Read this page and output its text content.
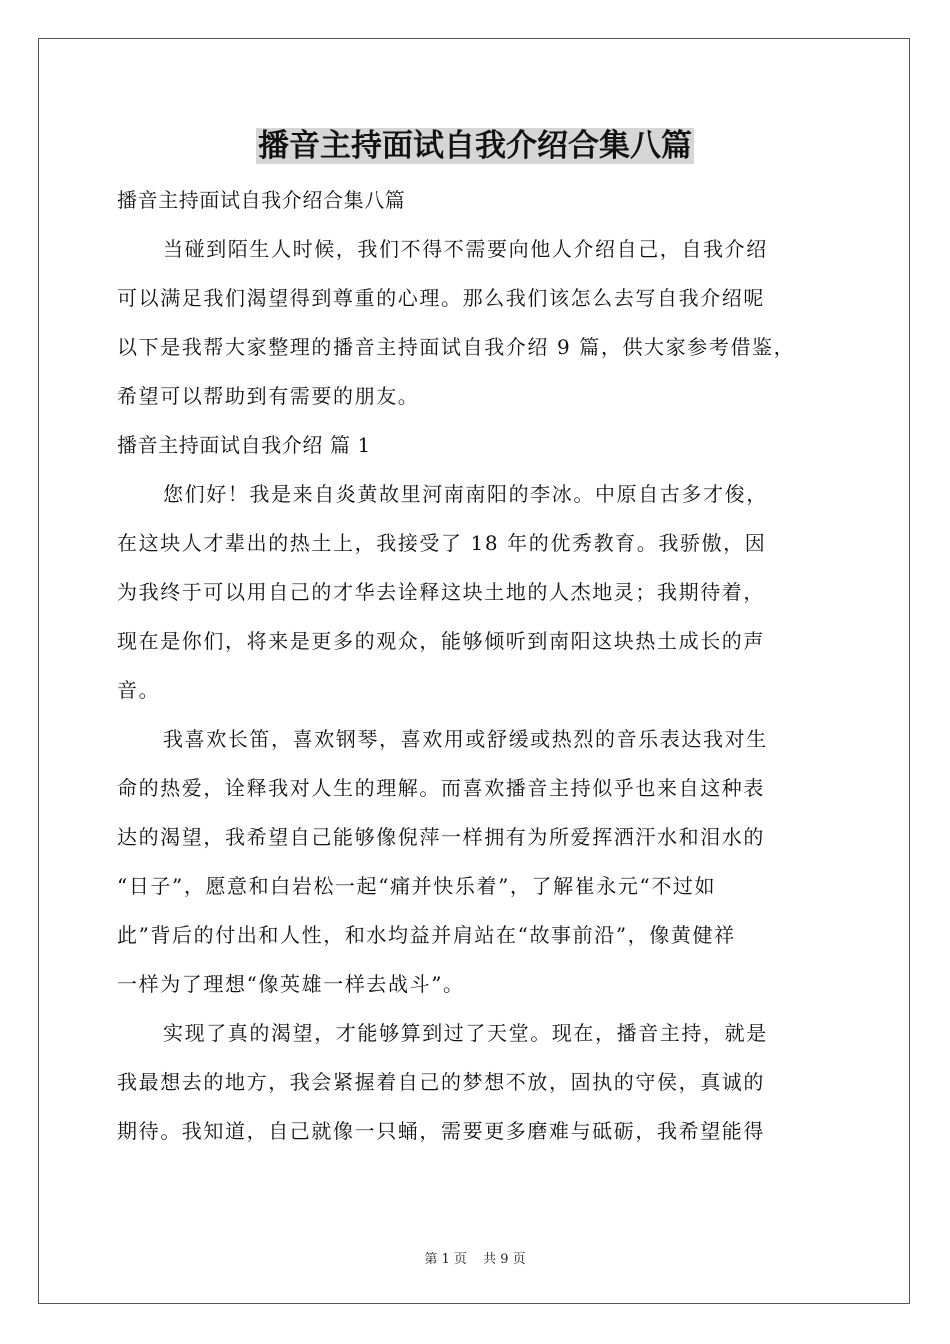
播音主持面试自我介绍合集八篇
播音主持面试自我介绍合集八篇
当碰到陌生人时候，我们不得不需要向他人介绍自己，自我介绍
可以满足我们渴望得到尊重的心理。那么我们该怎么去写自我介绍呢
以下是我帮大家整理的播音主持面试自我介绍 9 篇，供大家参考借鉴，
希望可以帮助到有需要的朋友。
播音主持面试自我介绍 篇 1
您们好！我是来自炎黄故里河南南阳的李冰。中原自古多才俊，
在这块人才辈出的热土上，我接受了 18 年的优秀教育。我骄傲，因
为我终于可以用自己的才华去诠释这块土地的人杰地灵；我期待着，
现在是你们，将来是更多的观众，能够倾听到南阳这块热土成长的声
音。
我喜欢长笛，喜欢钢琴，喜欢用或舒缓或热烈的音乐表达我对生
命的热爱，诠释我对人生的理解。而喜欢播音主持似乎也来自这种表
达的渴望，我希望自己能够像倪萍一样拥有为所爱挥洒汗水和泪水的
“日子”，愿意和白岩松一起“痛并快乐着”，了解崔永元“不过如
此”背后的付出和人性，和水均益并肩站在“故事前沿”，像黄健祥
一样为了理想“像英雄一样去战斗”。
实现了真的渴望，才能够算到过了天堂。现在，播音主持，就是
我最想去的地方，我会紧握着自己的梦想不放，固执的守侯，真诚的
期待。我知道，自己就像一只蛹，需要更多磨难与砥砺，我希望能得
第 1 页 共 9 页
